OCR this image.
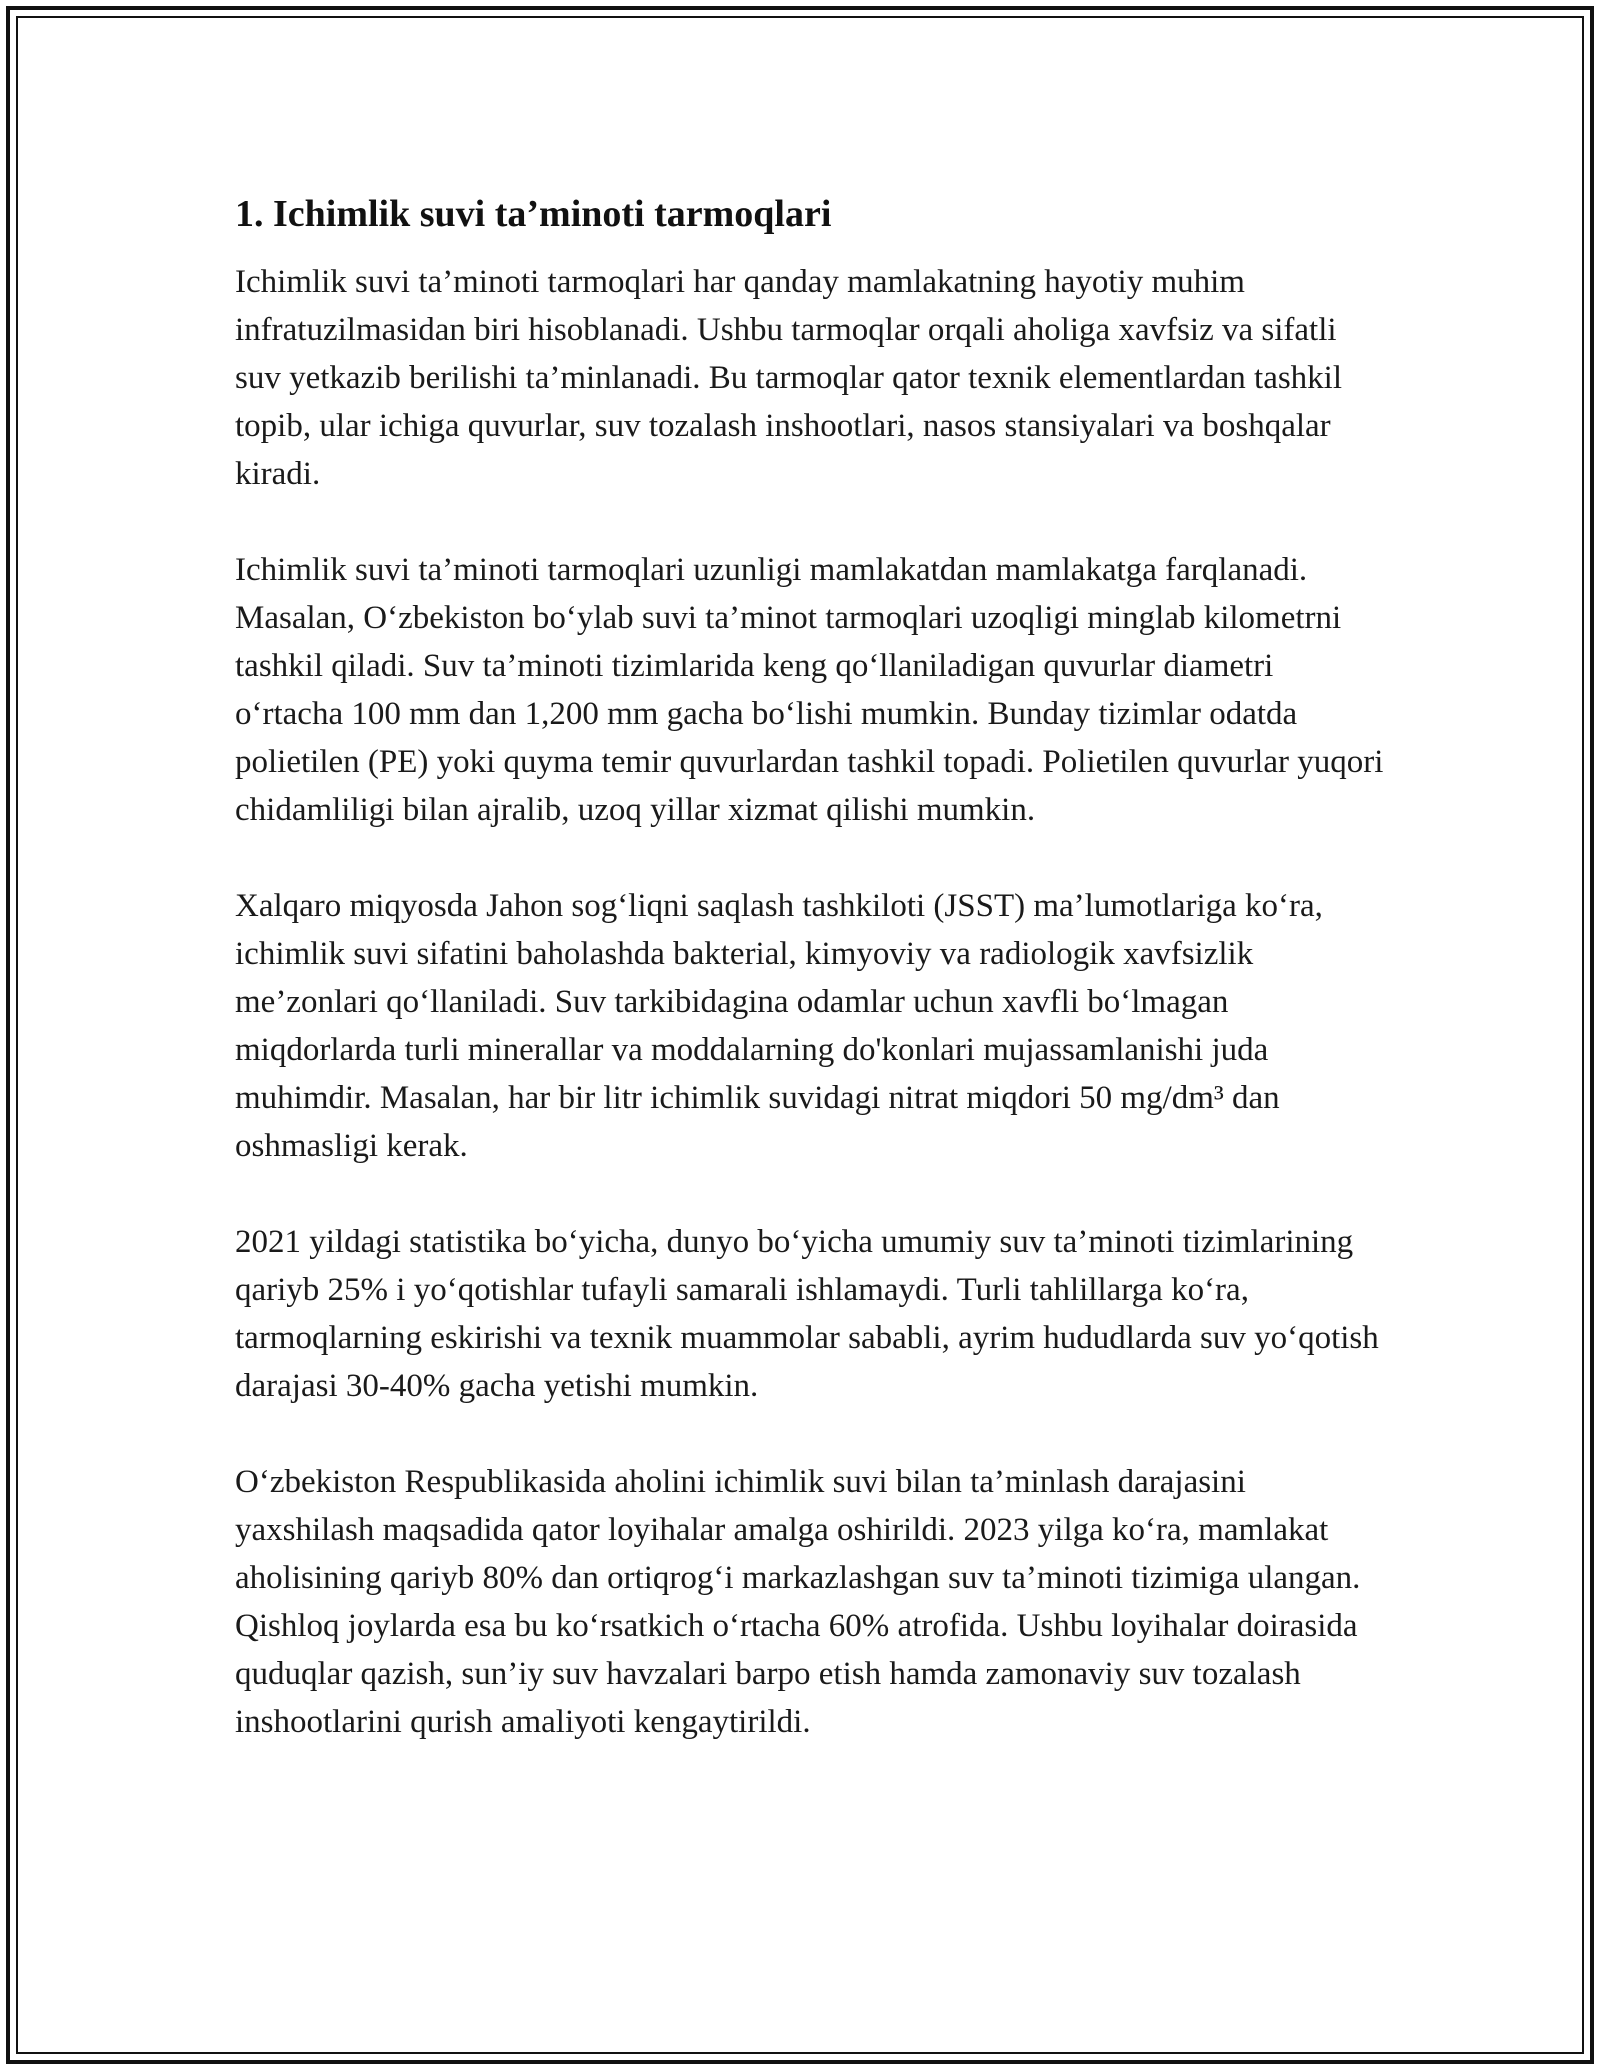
1. Ichimlik suvi ta’minoti tarmoqlari

Ichimlik suvi ta’minoti tarmoqlari har qanday mamlakatning hayotiy muhim infratuzilmasidan biri hisoblanadi. Ushbu tarmoqlar orqali aholiga xavfsiz va sifatli suv yetkazib berilishi ta’minlanadi. Bu tarmoqlar qator texnik elementlardan tashkil topib, ular ichiga quvurlar, suv tozalash inshootlari, nasos stansiyalari va boshqalar kiradi.

Ichimlik suvi ta’minoti tarmoqlari uzunligi mamlakatdan mamlakatga farqlanadi. Masalan, O‘zbekiston bo‘ylab suvi ta’minot tarmoqlari uzoqligi minglab kilometrni tashkil qiladi. Suv ta’minoti tizimlarida keng qo‘llaniladigan quvurlar diametri o‘rtacha 100 mm dan 1,200 mm gacha bo‘lishi mumkin. Bunday tizimlar odatda polietilen (PE) yoki quyma temir quvurlardan tashkil topadi. Polietilen quvurlar yuqori chidamliligi bilan ajralib, uzoq yillar xizmat qilishi mumkin.

Xalqaro miqyosda Jahon sog‘liqni saqlash tashkiloti (JSST) ma’lumotlariga ko‘ra, ichimlik suvi sifatini baholashda bakterial, kimyoviy va radiologik xavfsizlik me’zonlari qo‘llaniladi. Suv tarkibidagina odamlar uchun xavfli bo‘lmagan miqdorlarda turli minerallar va moddalarning do'konlari mujassamlanishi juda muhimdir. Masalan, har bir litr ichimlik suvidagi nitrat miqdori 50 mg/dm³ dan oshmasligi kerak.

2021 yildagi statistika bo‘yicha, dunyo bo‘yicha umumiy suv ta’minoti tizimlarining qariyb 25% i yo‘qotishlar tufayli samarali ishlamaydi. Turli tahlillarga ko‘ra, tarmoqlarning eskirishi va texnik muammolar sababli, ayrim hududlarda suv yo‘qotish darajasi 30-40% gacha yetishi mumkin.

O‘zbekiston Respublikasida aholini ichimlik suvi bilan ta’minlash darajasini yaxshilash maqsadida qator loyihalar amalga oshirildi. 2023 yilga ko‘ra, mamlakat aholisining qariyb 80% dan ortiqrog‘i markazlashgan suv ta’minoti tizimiga ulangan. Qishloq joylarda esa bu ko‘rsatkich o‘rtacha 60% atrofida. Ushbu loyihalar doirasida quduqlar qazish, sun’iy suv havzalari barpo etish hamda zamonaviy suv tozalash inshootlarini qurish amaliyoti kengaytirildi.
